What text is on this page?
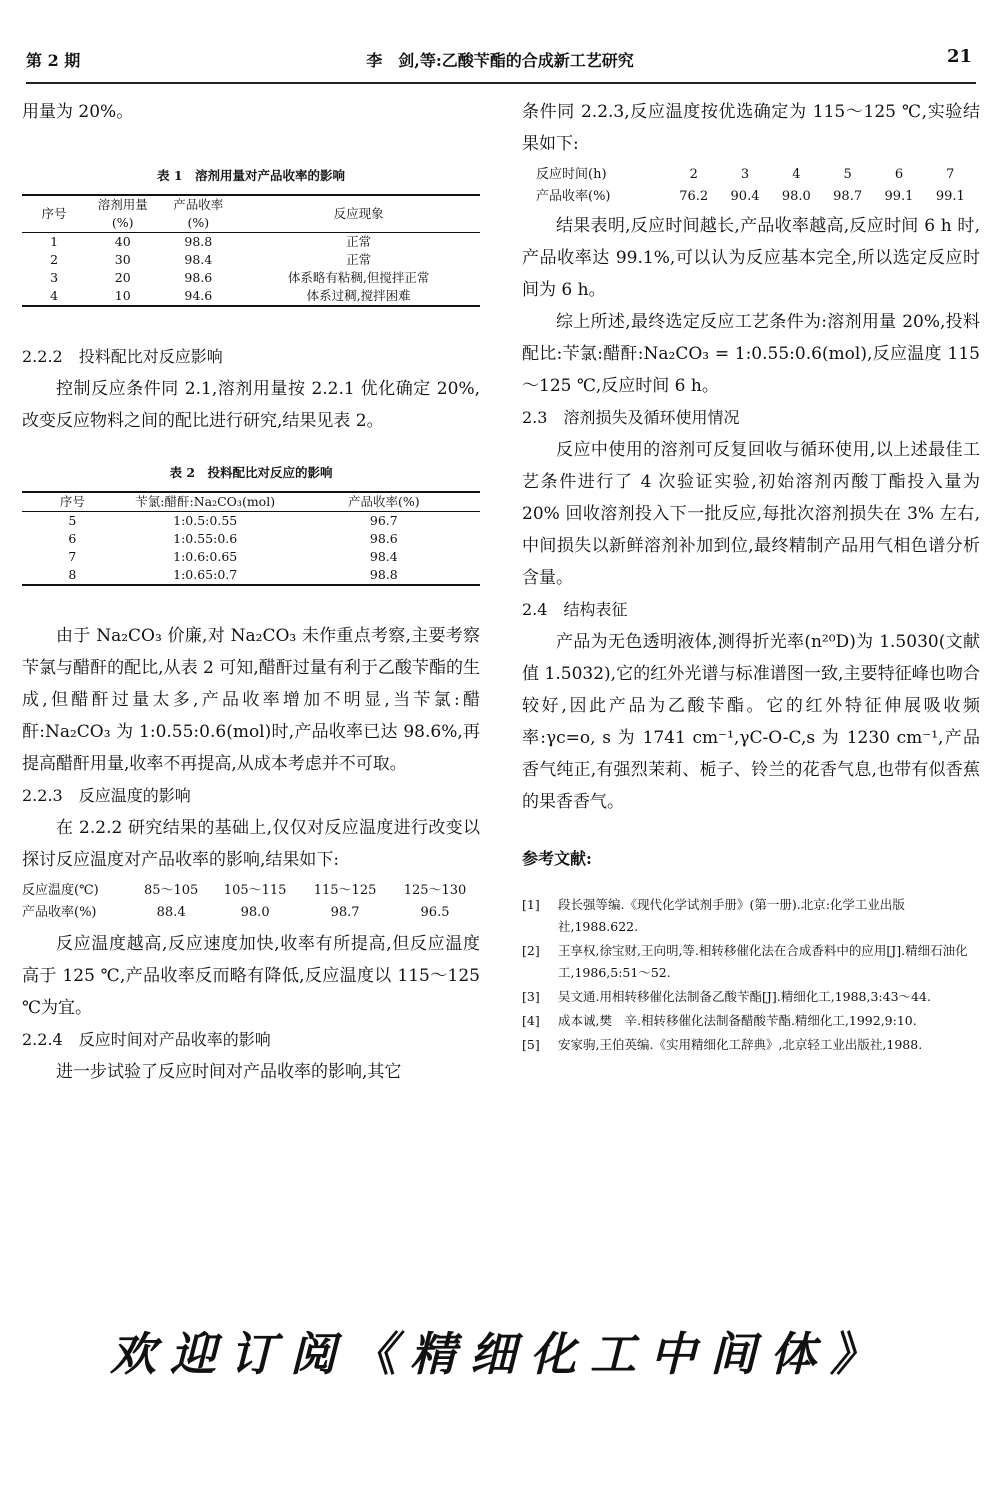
第 2 期	李　剑,等:乙酸苄酯的合成新工艺研究	21

用量为 20%。

表 1　溶剂用量对产品收率的影响

序号	溶剂用量	产品收率	反应现象
	(%)	(%)	
1	40	98.8	正常
2	30	98.4	正常
3	20	98.6	体系略有粘稠,但搅拌正常
4	10	94.6	体系过稠,搅拌困难

2.2.2　投料配比对反应影响

控制反应条件同 2.1,溶剂用量按 2.2.1 优化确定 20%,改变反应物料之间的配比进行研究,结果见表 2。

表 2　投料配比对反应的影响

序号	苄氯:醋酐:Na₂CO₃(mol)	产品收率(%)
5	1:0.5:0.55	96.7
6	1:0.55:0.6	98.6
7	1:0.6:0.65	98.4
8	1:0.65:0.7	98.8

由于 Na₂CO₃ 价廉,对 Na₂CO₃ 未作重点考察,主要考察苄氯与醋酐的配比,从表 2 可知,醋酐过量有利于乙酸苄酯的生成,但醋酐过量太多,产品收率增加不明显,当苄氯:醋酐:Na₂CO₃ 为 1:0.55:0.6(mol)时,产品收率已达 98.6%,再提高醋酐用量,收率不再提高,从成本考虑并不可取。

2.2.3　反应温度的影响

在 2.2.2 研究结果的基础上,仅仅对反应温度进行改变以探讨反应温度对产品收率的影响,结果如下:

反应温度(℃)	85～105	105～115	115～125	125～130
产品收率(%)	88.4	98.0	98.7	96.5

反应温度越高,反应速度加快,收率有所提高,但反应温度高于 125 ℃,产品收率反而略有降低,反应温度以 115～125 ℃为宜。

2.2.4　反应时间对产品收率的影响

进一步试验了反应时间对产品收率的影响,其它

条件同 2.2.3,反应温度按优选确定为 115～125 ℃,实验结果如下:

反应时间(h)	2	3	4	5	6	7
产品收率(%)	76.2	90.4	98.0	98.7	99.1	99.1

结果表明,反应时间越长,产品收率越高,反应时间 6 h 时,产品收率达 99.1%,可以认为反应基本完全,所以选定反应时间为 6 h。

综上所述,最终选定反应工艺条件为:溶剂用量 20%,投料配比:苄氯:醋酐:Na₂CO₃ = 1:0.55:0.6(mol),反应温度 115～125 ℃,反应时间 6 h。

2.3　溶剂损失及循环使用情况

反应中使用的溶剂可反复回收与循环使用,以上述最佳工艺条件进行了 4 次验证实验,初始溶剂丙酸丁酯投入量为 20% 回收溶剂投入下一批反应,每批次溶剂损失在 3% 左右,中间损失以新鲜溶剂补加到位,最终精制产品用气相色谱分析含量。

2.4　结构表征

产品为无色透明液体,测得折光率(n²⁰D)为 1.5030(文献值 1.5032),它的红外光谱与标准谱图一致,主要特征峰也吻合较好,因此产品为乙酸苄酯。它的红外特征伸展吸收频率:γc=o, s 为 1741 cm⁻¹,γC-O-C,s 为 1230 cm⁻¹,产品香气纯正,有强烈茉莉、栀子、铃兰的花香气息,也带有似香蕉的果香香气。

参考文献:

[1] 段长强等编.《现代化学试剂手册》(第一册).北京:化学工业出版社,1988.622.

[2] 王享权,徐宝财,王向明,等.相转移催化法在合成香料中的应用[J].精细石油化工,1986,5:51～52.

[3] 吴文通.用相转移催化法制备乙酸苄酯[J].精细化工,1988,3:43～44.

[4] 成本诚,樊　辛.相转移催化法制备醋酸苄酯.精细化工,1992,9:10.

[5] 安家驹,王伯英编.《实用精细化工辞典》,北京轻工业出版社,1988.

欢迎订阅《精细化工中间体》
